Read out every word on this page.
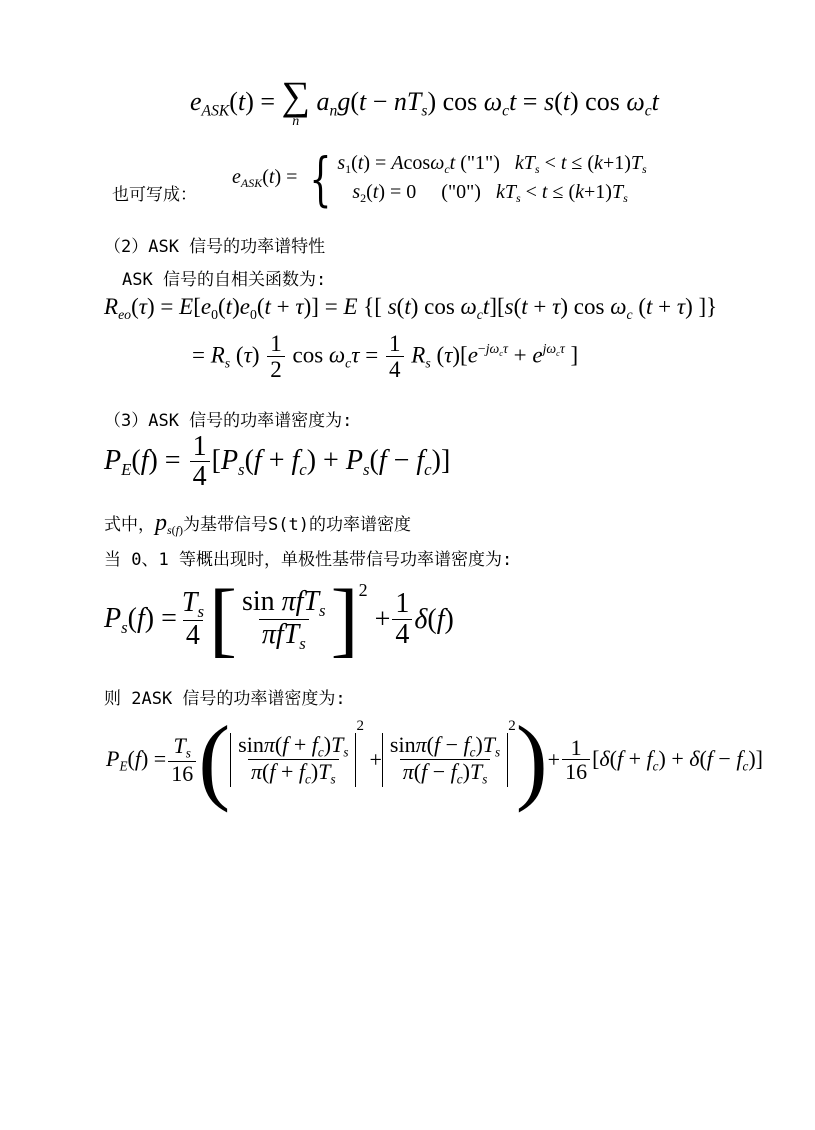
$e_{ASK}(t)$ = ∑
n
$a_ng(t - nT_s)$ $\cos \omega_ct = s(t)$ $\cos \omega_ct$
也可写成：
$e_{ASK}(t)$ = { $s_1(t) = Acos\omega_ct$ ("1")   $kT_s < t \le (k+1)T_s$
$s_2(t) = 0$     ("0")   $kT_s < t \le (k+1)T_s$
（2）ASK 信号的功率谱特性
ASK 信号的自相关函数为:
$R_{eo}(\tau) = E[e_0(t)e_0(t + \tau)] = E$ {[ s(t) $\cos \omega_ct][s(t + \tau)$ $\cos \omega_c$ (t + τ) ]}
= $R_s$ $(\tau) \frac{1}{2}$ $\cos \omega_c\tau = \frac{1}{4} R_s$ $(\tau)[e^{-j\omega_c\tau} + e^{j\omega_c\tau}$ ]
（3）ASK 信号的功率谱密度为:
$P_E(f) = \frac{1}{4} [P_s(f + f_c) + P_s(f - f_c)]$
式中，$p_{s(f)}$为基带信号S(t)的功率谱密度
当 0、1 等概出现时，单极性基带信号功率谱密度为:
$P_s(f) = \frac{T_s}{4}$ [ $\frac{\sin \pi fT_s}{\pi fT_s} ]^2$
+ $\frac{1}{4} \delta(f)$
则 2ASK 信号的功率谱密度为:
$P_E(f) = \frac{T_s}{16}$ ( $\frac{\sin\pi(f + f_c)T_s}{\pi(f + f_c)T_s}$
$^2$
+ $\frac{\sin\pi(f - f_c)T_s}{\pi(f - f_c)T_s}$
$^2$ ) + $\frac{1}{16} [\delta(f + f_c) + \delta(f - f_c)]$
